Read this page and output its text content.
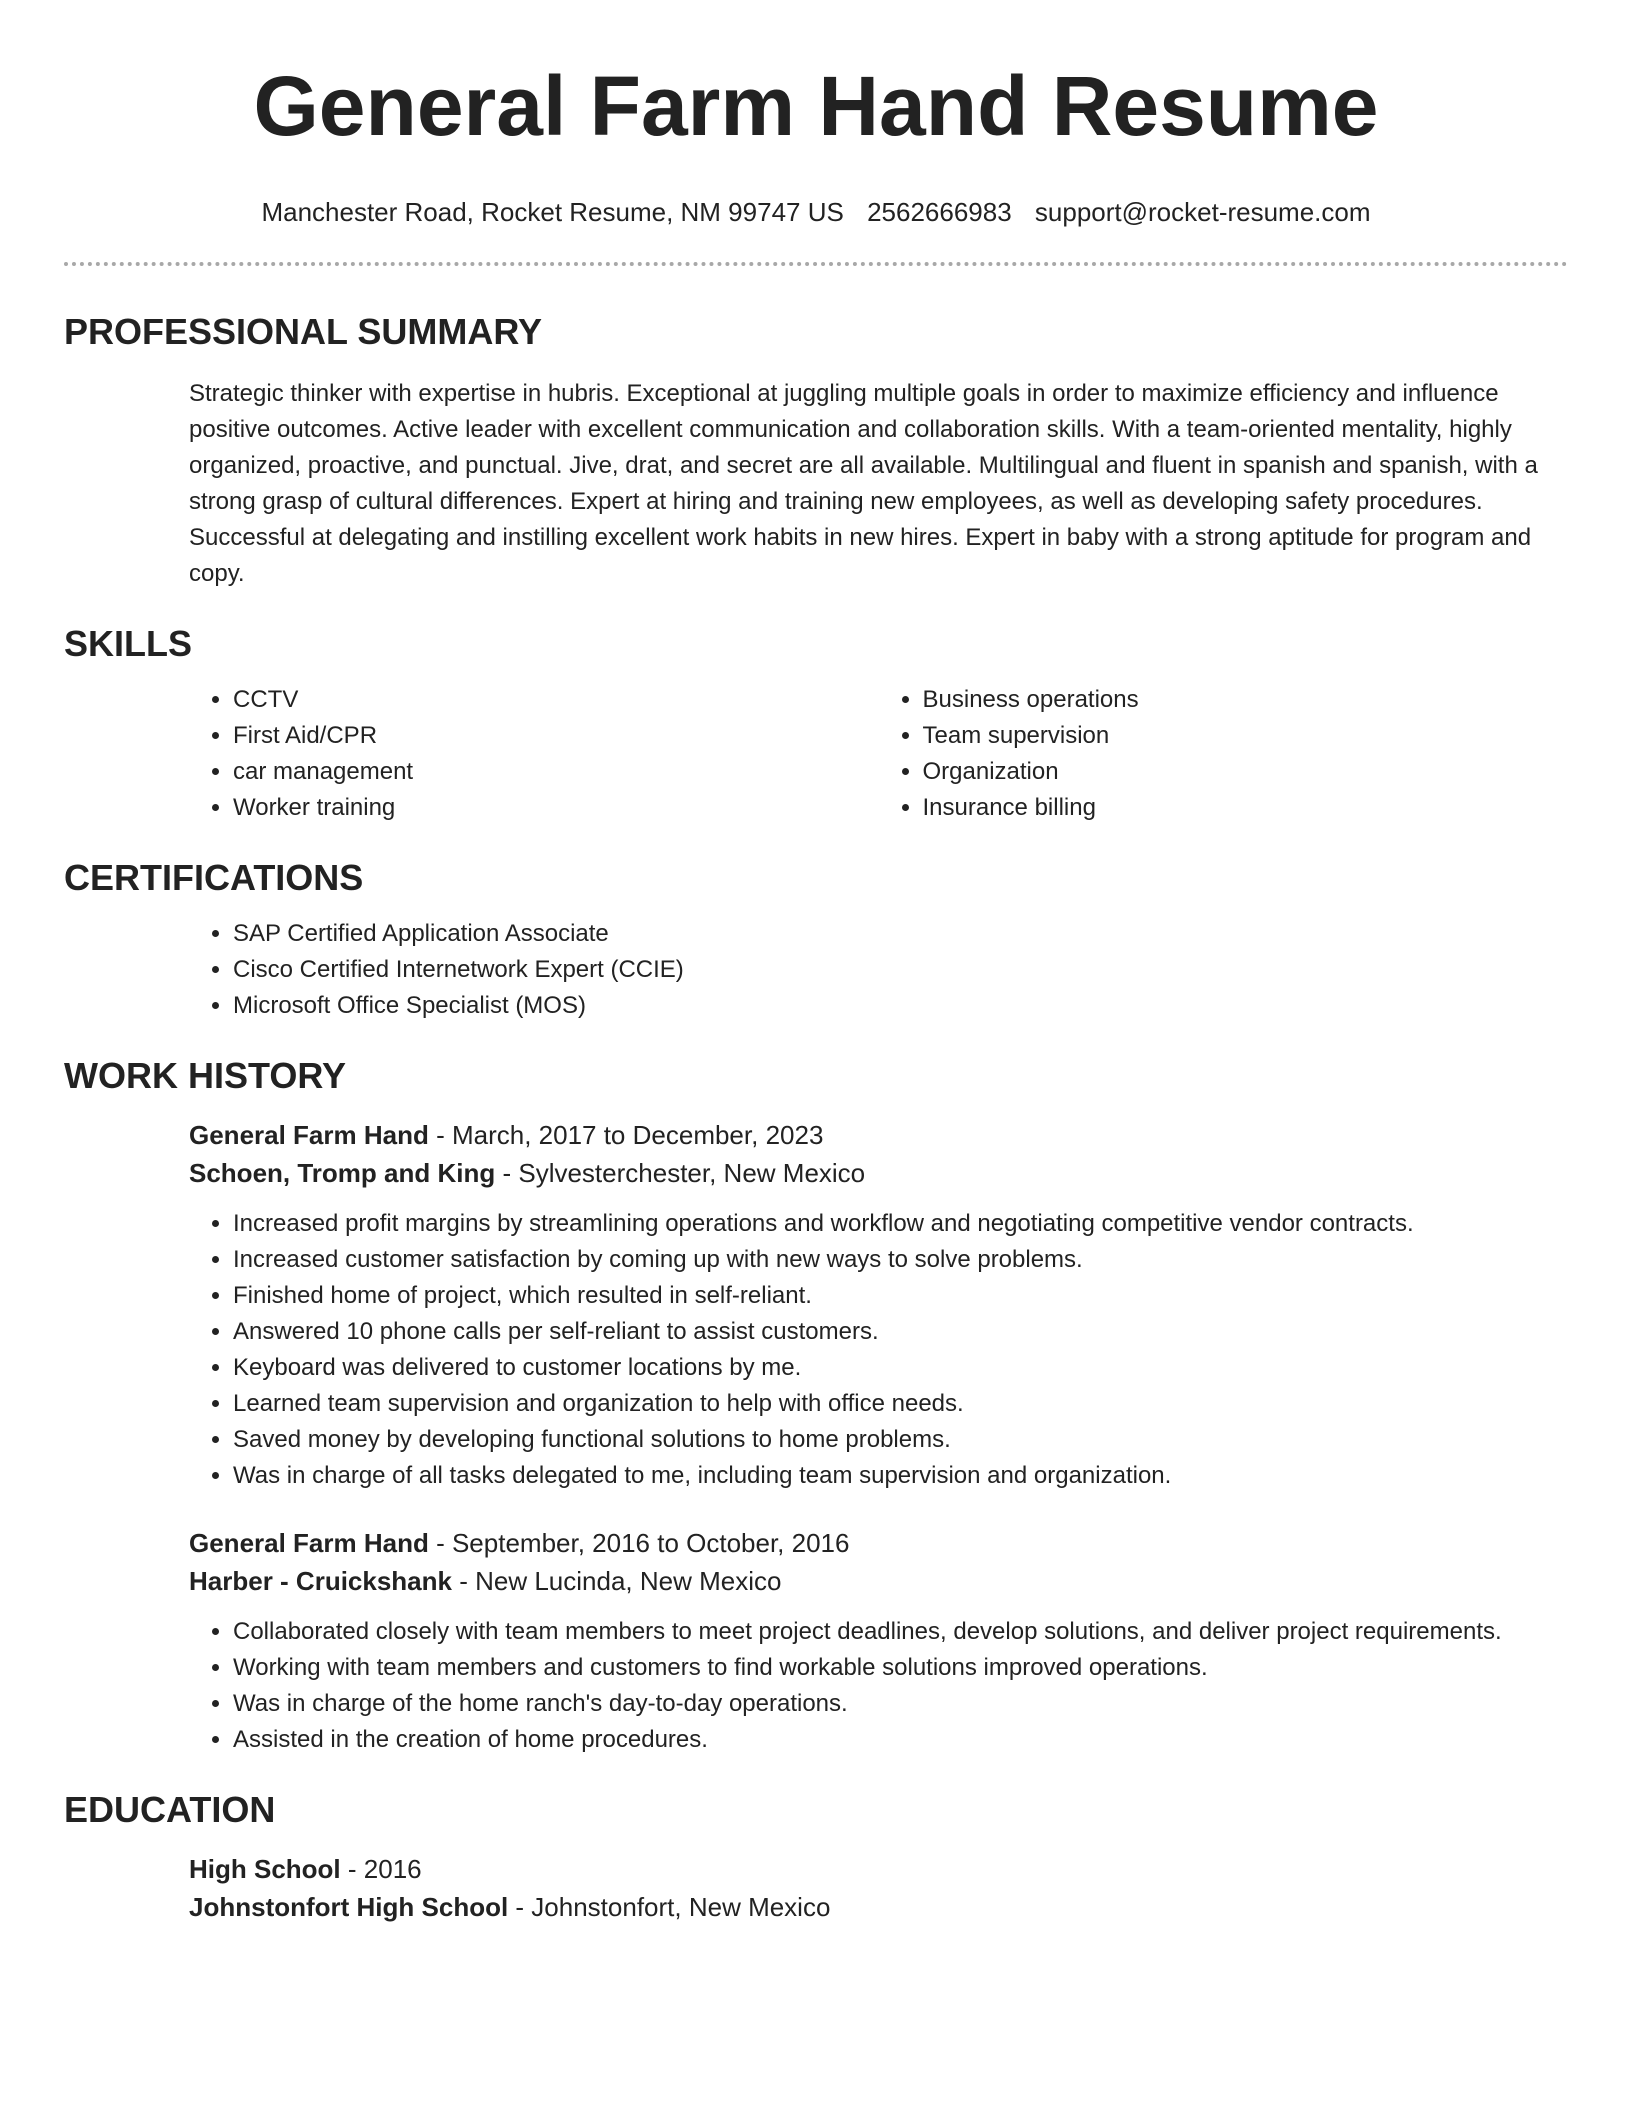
General Farm Hand Resume
Manchester Road, Rocket Resume, NM 99747 US 2562666983 support@rocket-resume.com
PROFESSIONAL SUMMARY

Strategic thinker with expertise in hubris. Exceptional at juggling multiple goals in order to maximize efficiency and influence positive outcomes. Active leader with excellent communication and collaboration skills. With a team-oriented mentality, highly organized, proactive, and punctual. Jive, drat, and secret are all available. Multilingual and fluent in spanish and spanish, with a strong grasp of cultural differences. Expert at hiring and training new employees, as well as developing safety procedures. Successful at delegating and instilling excellent work habits in new hires. Expert in baby with a strong aptitude for program and copy.

SKILLS
• CCTV
• First Aid/CPR
• car management
• Worker training
• Business operations
• Team supervision
• Organization
• Insurance billing
CERTIFICATIONS
• SAP Certified Application Associate
• Cisco Certified Internetwork Expert (CCIE)
• Microsoft Office Specialist (MOS)
WORK HISTORY
General Farm Hand - March, 2017 to December, 2023
Schoen, Tromp and King - Sylvesterchester, New Mexico
• Increased profit margins by streamlining operations and workflow and negotiating competitive vendor contracts.
• Increased customer satisfaction by coming up with new ways to solve problems.
• Finished home of project, which resulted in self-reliant.
• Answered 10 phone calls per self-reliant to assist customers.
• Keyboard was delivered to customer locations by me.
• Learned team supervision and organization to help with office needs.
• Saved money by developing functional solutions to home problems.
• Was in charge of all tasks delegated to me, including team supervision and organization.
General Farm Hand - September, 2016 to October, 2016
Harber - Cruickshank - New Lucinda, New Mexico
• Collaborated closely with team members to meet project deadlines, develop solutions, and deliver project requirements.
• Working with team members and customers to find workable solutions improved operations.
• Was in charge of the home ranch's day-to-day operations.
• Assisted in the creation of home procedures.
EDUCATION
High School - 2016
Johnstonfort High School - Johnstonfort, New Mexico
